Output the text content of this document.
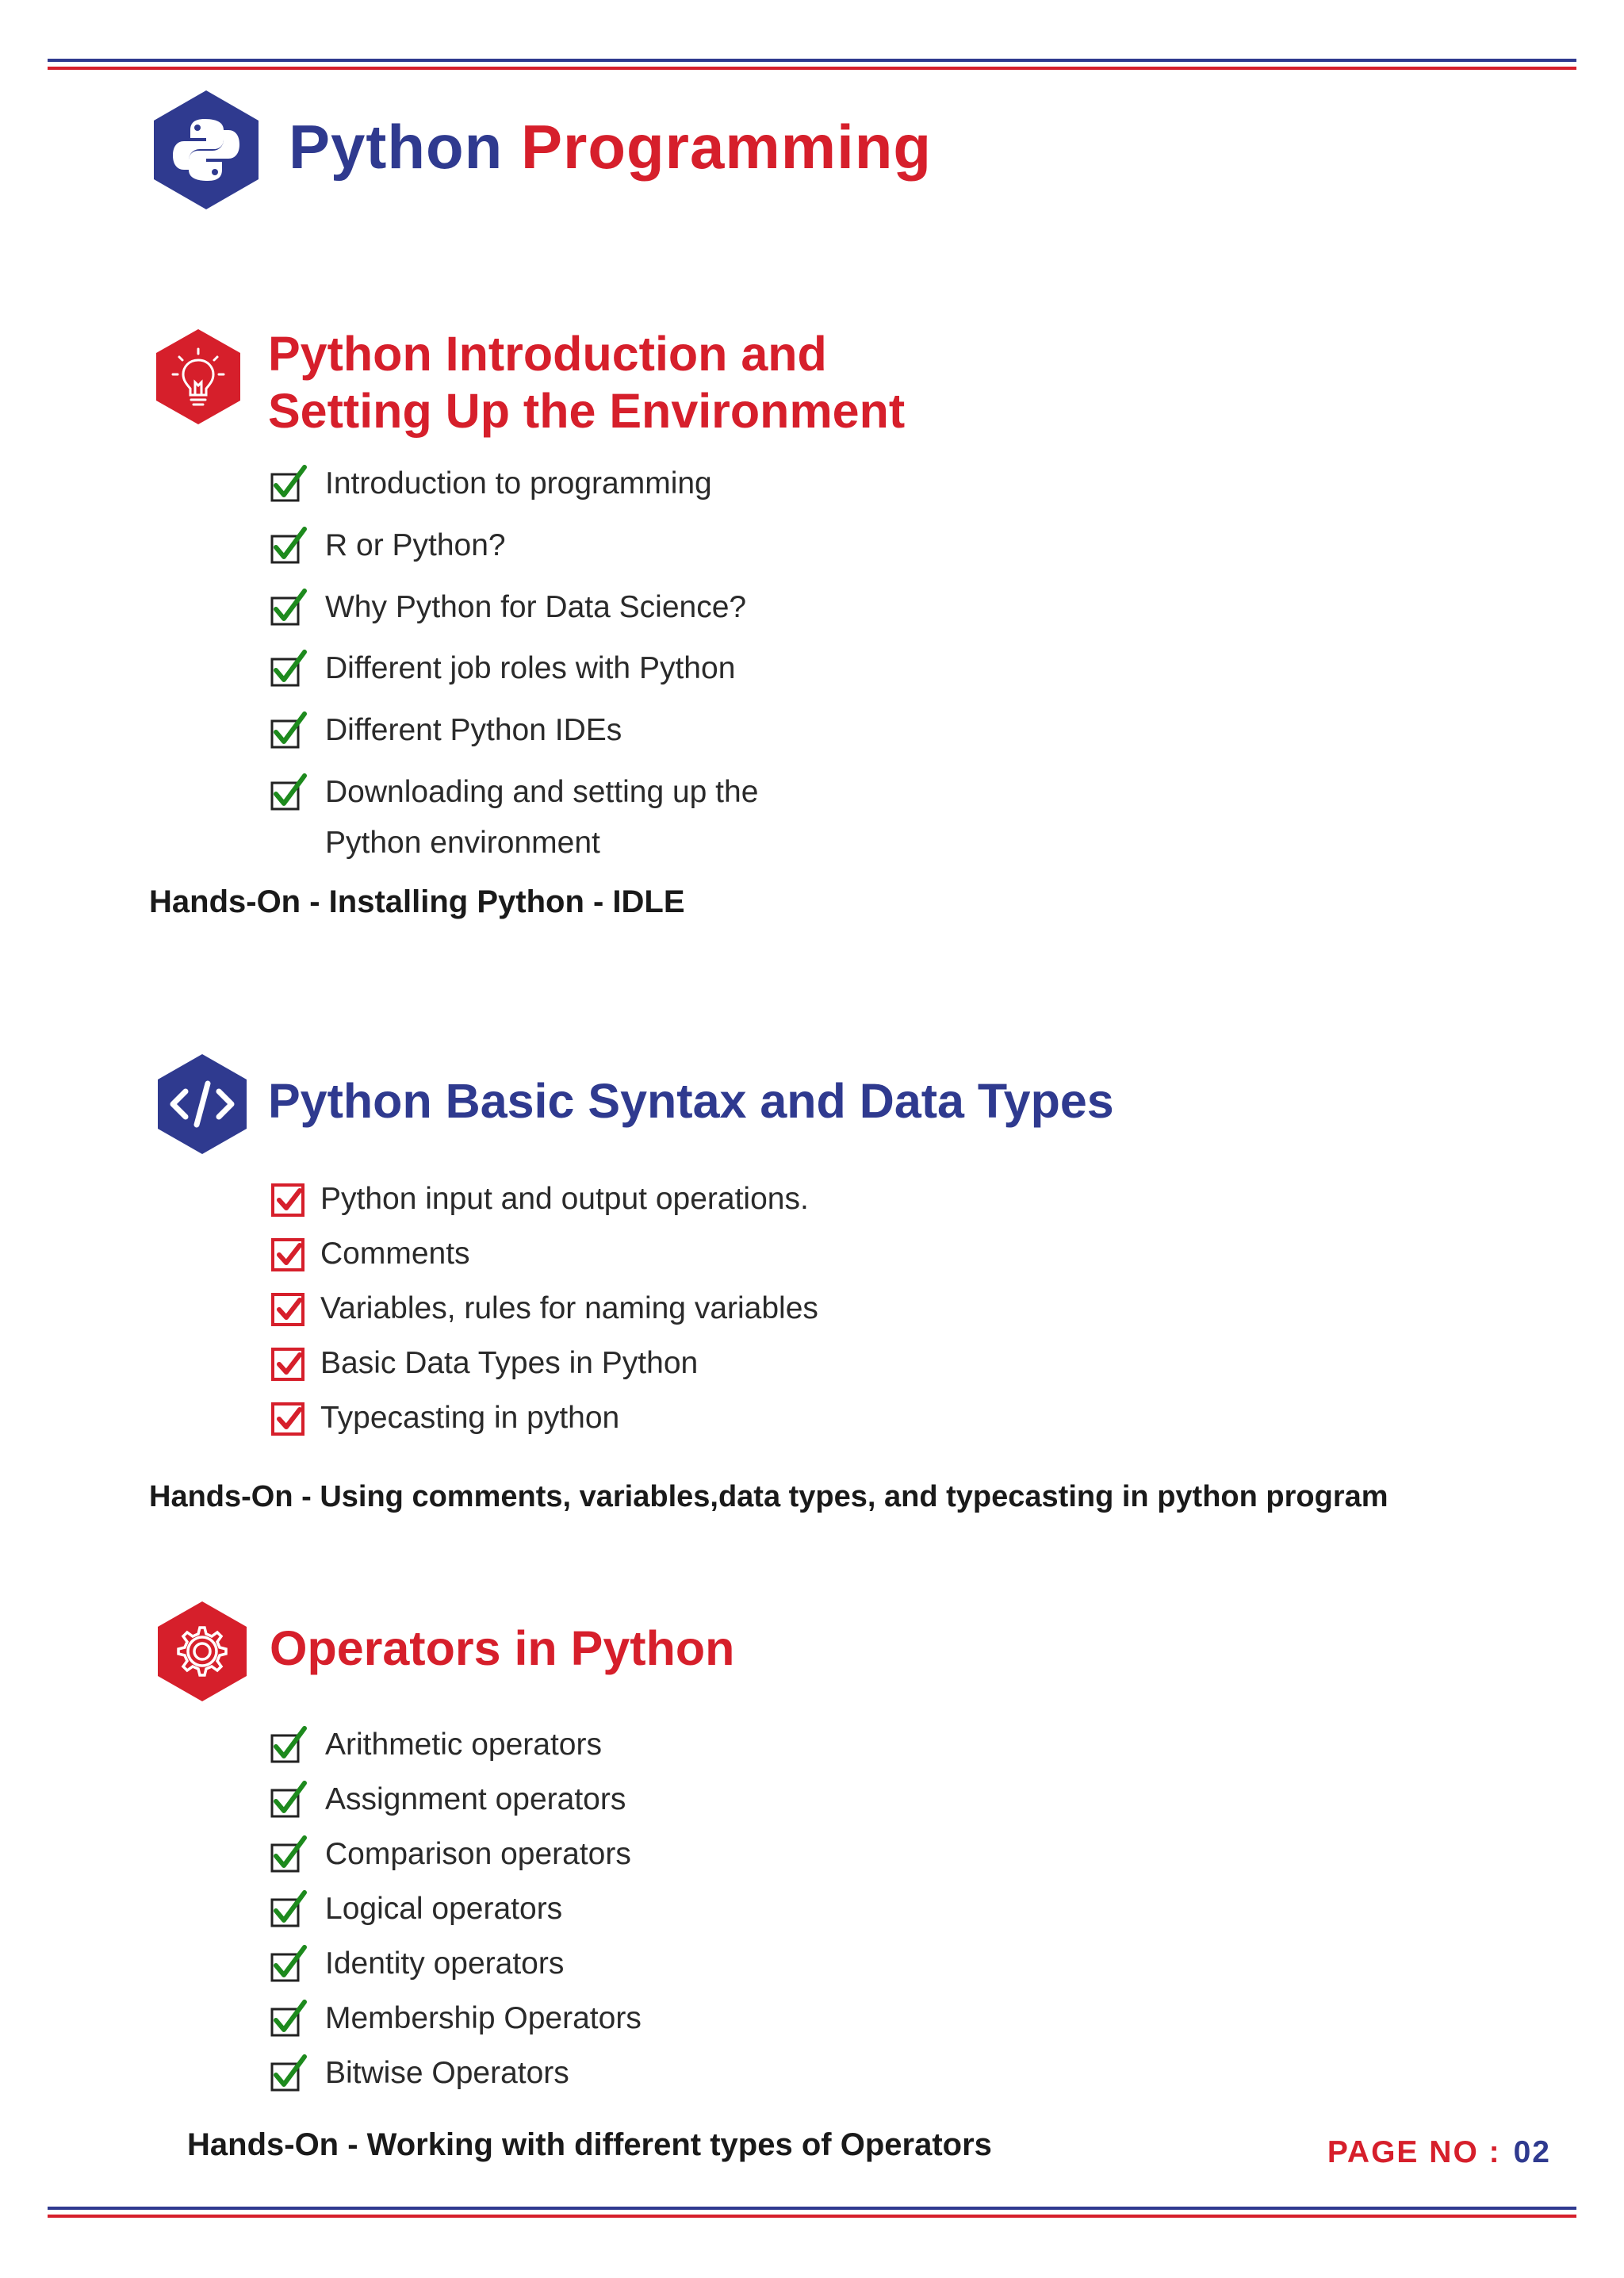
Python Programming
Python Introduction and
Setting Up the Environment
Introduction to programming
R or Python?
Why Python for Data Science?
Different job roles with Python
Different Python IDEs
Downloading and setting up the
Python environment

Hands-On - Installing Python - IDLE

Python Basic Syntax and Data Types
Python input and output operations.
Comments
Variables, rules for naming variables
Basic Data Types in Python
Typecasting in python

Hands-On - Using comments, variables,data types, and typecasting in python program

Operators in Python
Arithmetic operators
Assignment operators
Comparison operators
Logical operators
Identity operators
Membership Operators
Bitwise Operators

Hands-On - Working with different types of Operators	PAGE NO : 02
